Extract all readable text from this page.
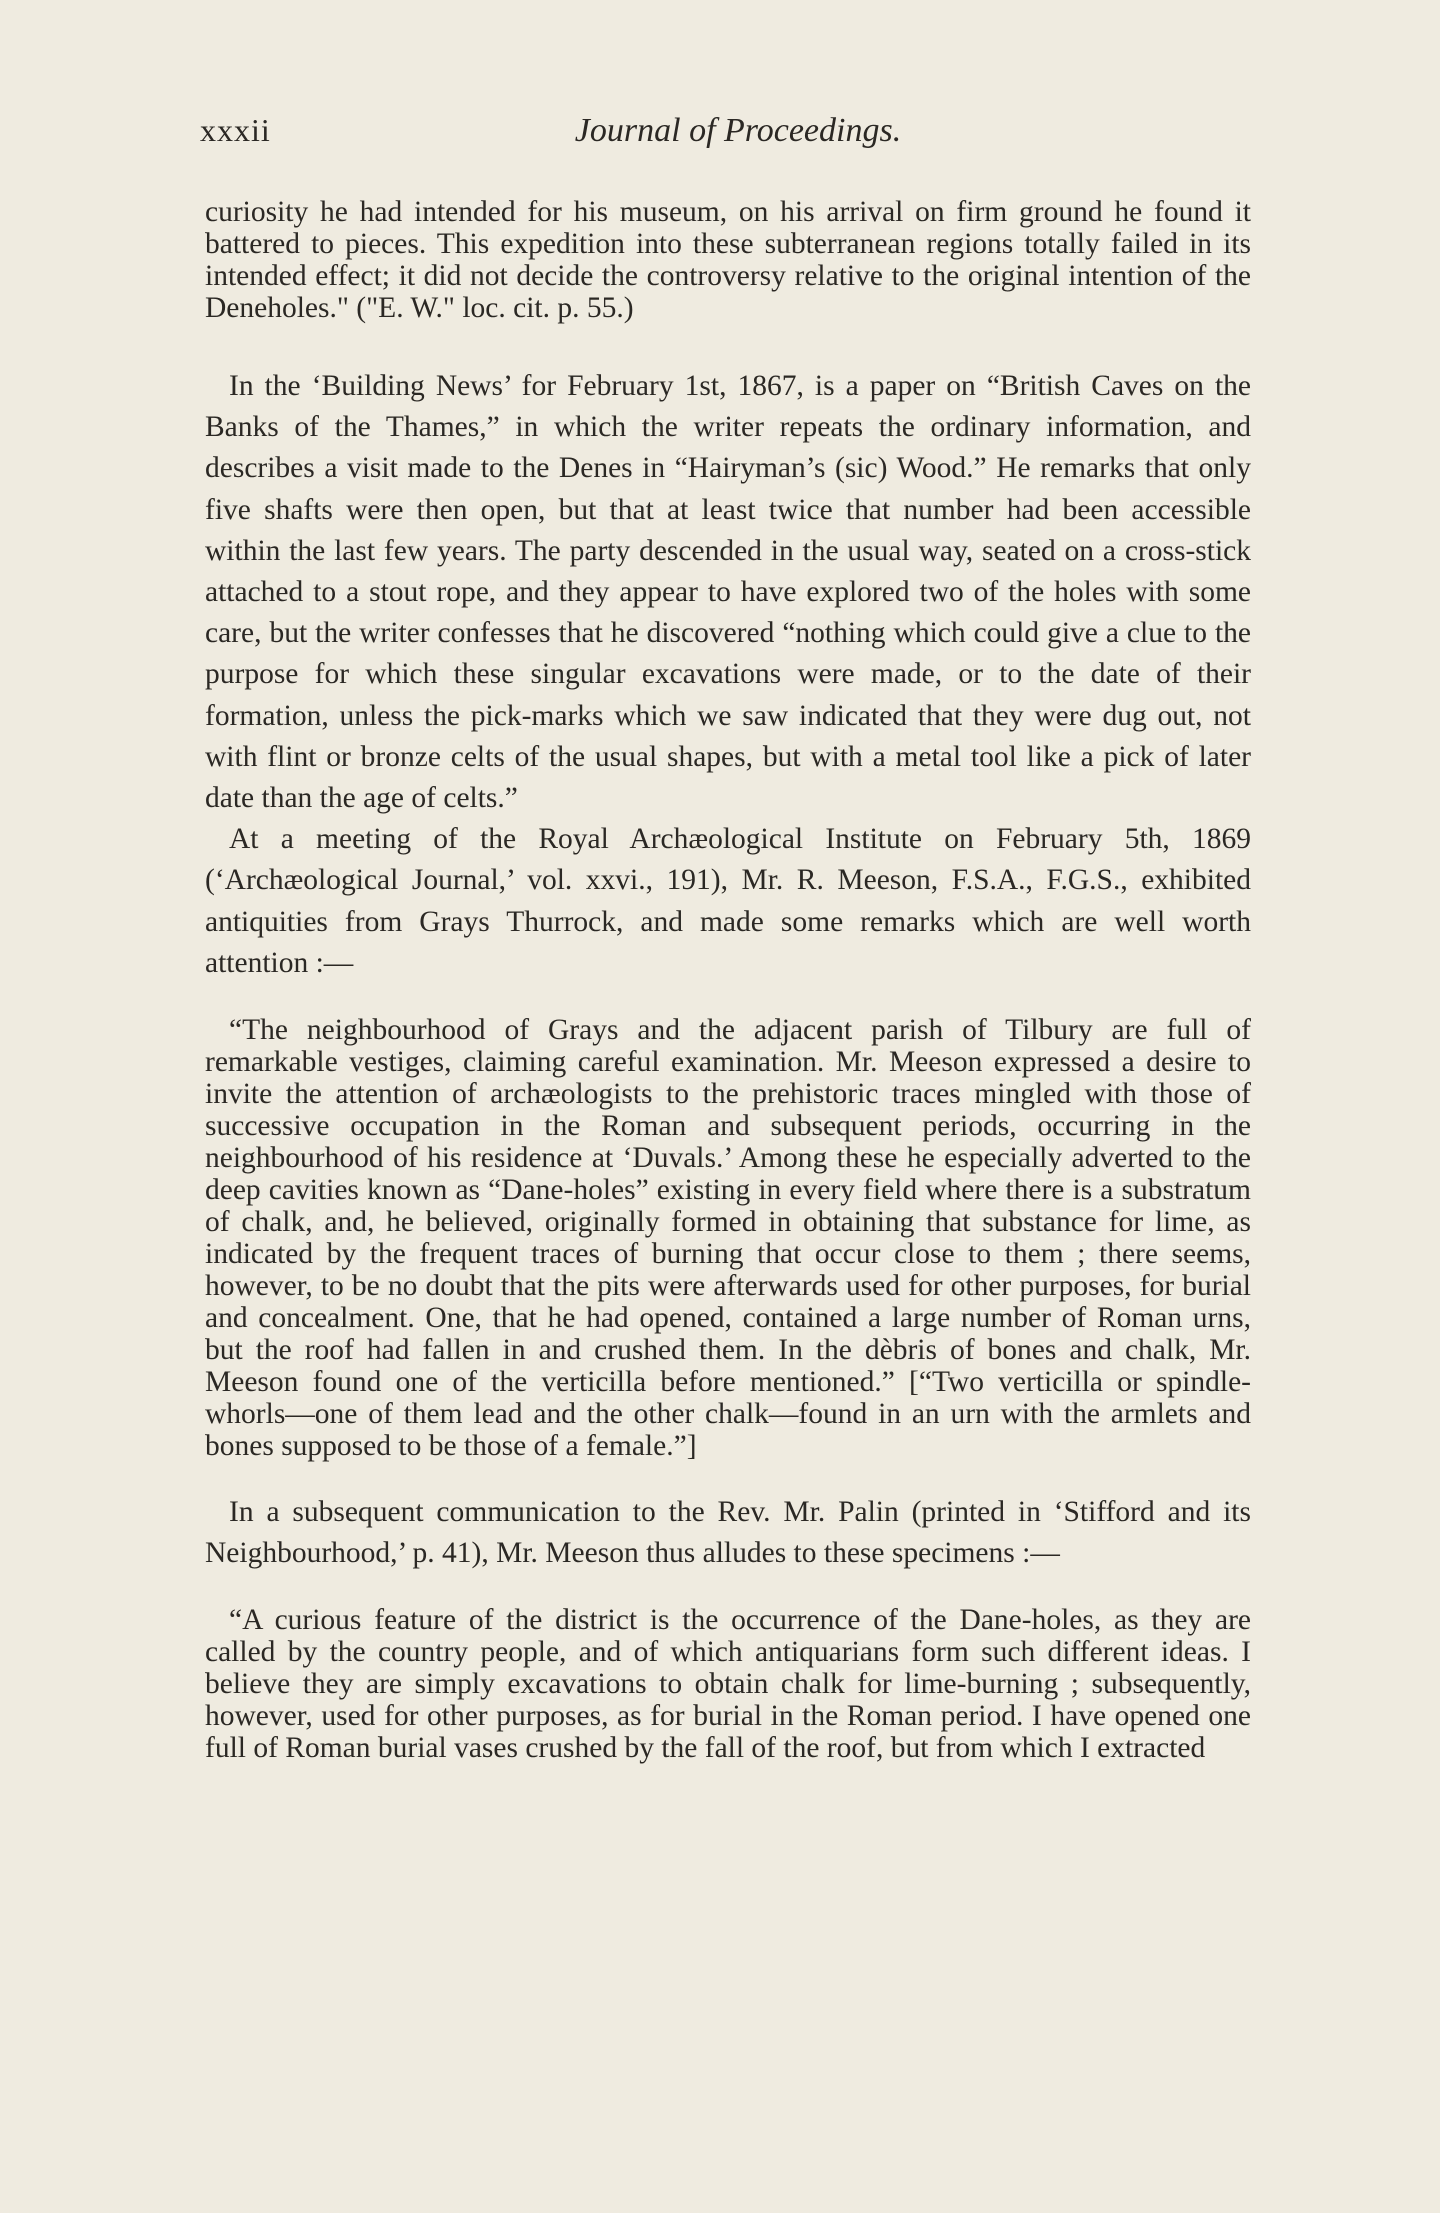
xxxii	Journal of Proceedings.

curiosity he had intended for his museum, on his arrival on firm ground he found it battered to pieces. This expedition into these subterranean regions totally failed in its intended effect; it did not decide the controversy relative to the original intention of the Deneholes." ("E. W." loc. cit. p. 55.)

In the ‘Building News’ for February 1st, 1867, is a paper on “British Caves on the Banks of the Thames,” in which the writer repeats the ordinary information, and describes a visit made to the Denes in “Hairyman’s (sic) Wood.” He remarks that only five shafts were then open, but that at least twice that number had been accessible within the last few years. The party descended in the usual way, seated on a cross-stick attached to a stout rope, and they appear to have explored two of the holes with some care, but the writer confesses that he discovered “nothing which could give a clue to the purpose for which these singular excavations were made, or to the date of their formation, unless the pick-marks which we saw indicated that they were dug out, not with flint or bronze celts of the usual shapes, but with a metal tool like a pick of later date than the age of celts.”

At a meeting of the Royal Archæological Institute on February 5th, 1869 (‘Archæological Journal,’ vol. xxvi., 191), Mr. R. Meeson, F.S.A., F.G.S., exhibited antiquities from Grays Thurrock, and made some remarks which are well worth attention :—

“The neighbourhood of Grays and the adjacent parish of Tilbury are full of remarkable vestiges, claiming careful examination. Mr. Meeson expressed a desire to invite the attention of archæologists to the prehistoric traces mingled with those of successive occupation in the Roman and subsequent periods, occurring in the neighbourhood of his residence at ‘Duvals.’ Among these he especially adverted to the deep cavities known as “Dane-holes” existing in every field where there is a substratum of chalk, and, he believed, originally formed in obtaining that substance for lime, as indicated by the frequent traces of burning that occur close to them ; there seems, however, to be no doubt that the pits were afterwards used for other purposes, for burial and concealment. One, that he had opened, contained a large number of Roman urns, but the roof had fallen in and crushed them. In the dèbris of bones and chalk, Mr. Meeson found one of the verticilla before mentioned.” [“Two verticilla or spindle-whorls—one of them lead and the other chalk—found in an urn with the armlets and bones supposed to be those of a female.”]

In a subsequent communication to the Rev. Mr. Palin (printed in ‘Stifford and its Neighbourhood,’ p. 41), Mr. Meeson thus alludes to these specimens :—

“A curious feature of the district is the occurrence of the Dane-holes, as they are called by the country people, and of which antiquarians form such different ideas. I believe they are simply excavations to obtain chalk for lime-burning ; subsequently, however, used for other purposes, as for burial in the Roman period. I have opened one full of Roman burial vases crushed by the fall of the roof, but from which I extracted
